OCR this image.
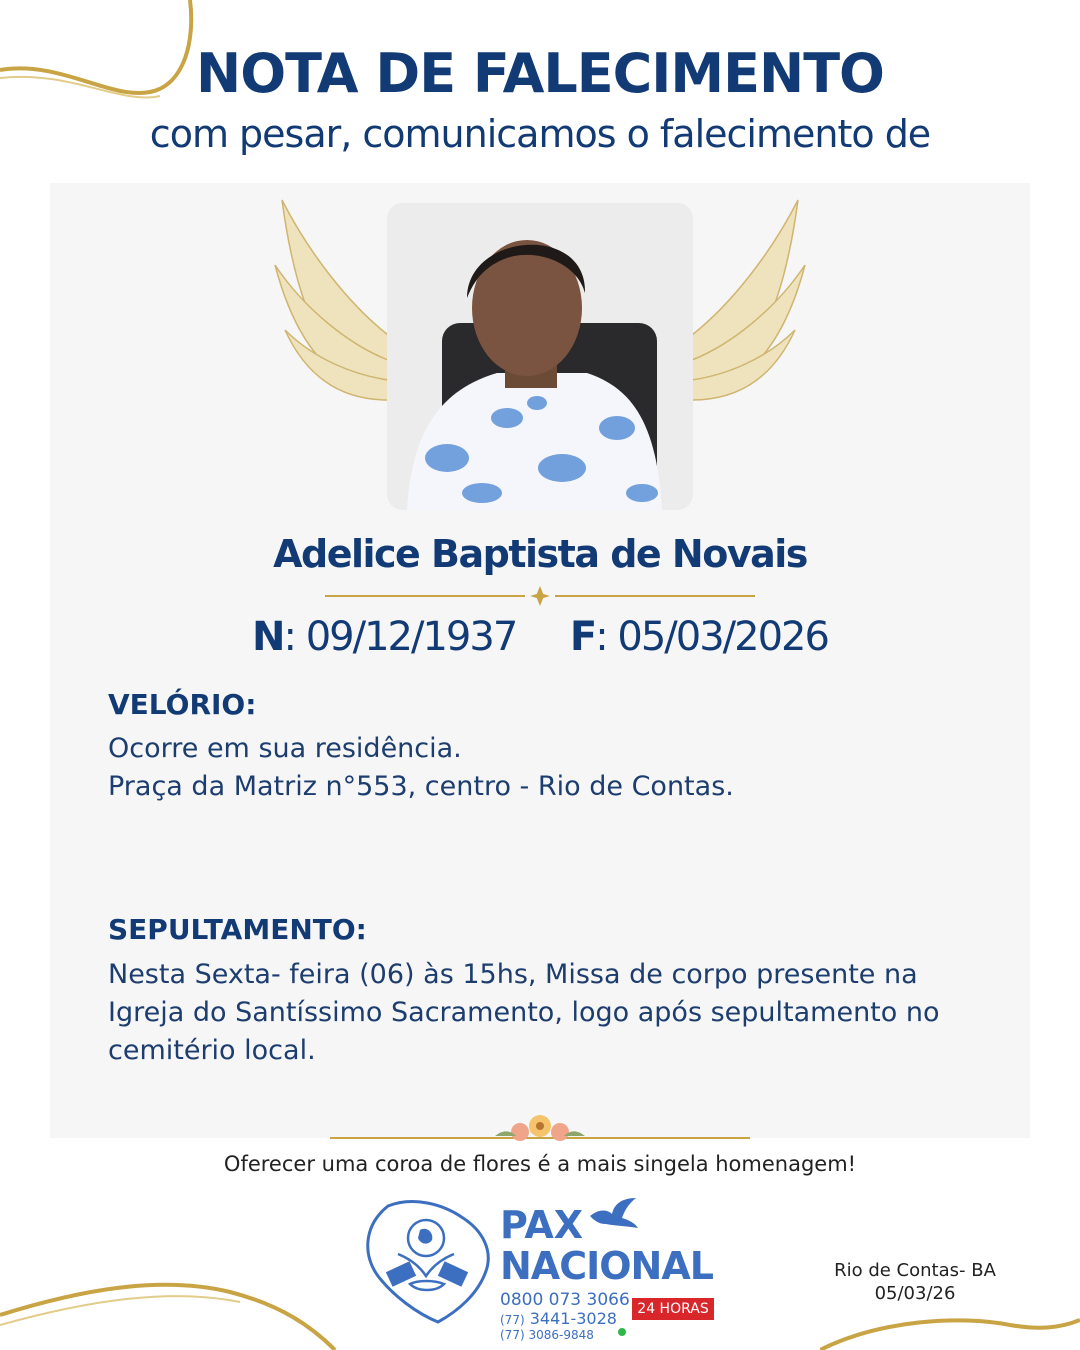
NOTA DE FALECIMENTO
com pesar, comunicamos o falecimento de
Adelice Baptista de Novais
N: 09/12/1937 F: 05/03/2026
VELÓRIO:
Ocorre em sua residência.
Praça da Matriz n°553, centro - Rio de Contas.
SEPULTAMENTO:
Nesta Sexta- feira (06) às 15hs, Missa de corpo presente na
Igreja do Santíssimo Sacramento, logo após sepultamento no
cemitério local.
Oferecer uma coroa de flores é a mais singela homenagem!
PAX
NACIONAL
0800 073 3066
(77) 3441-3028
(77) 3086-9848
24 HORAS
Rio de Contas- BA
05/03/26
